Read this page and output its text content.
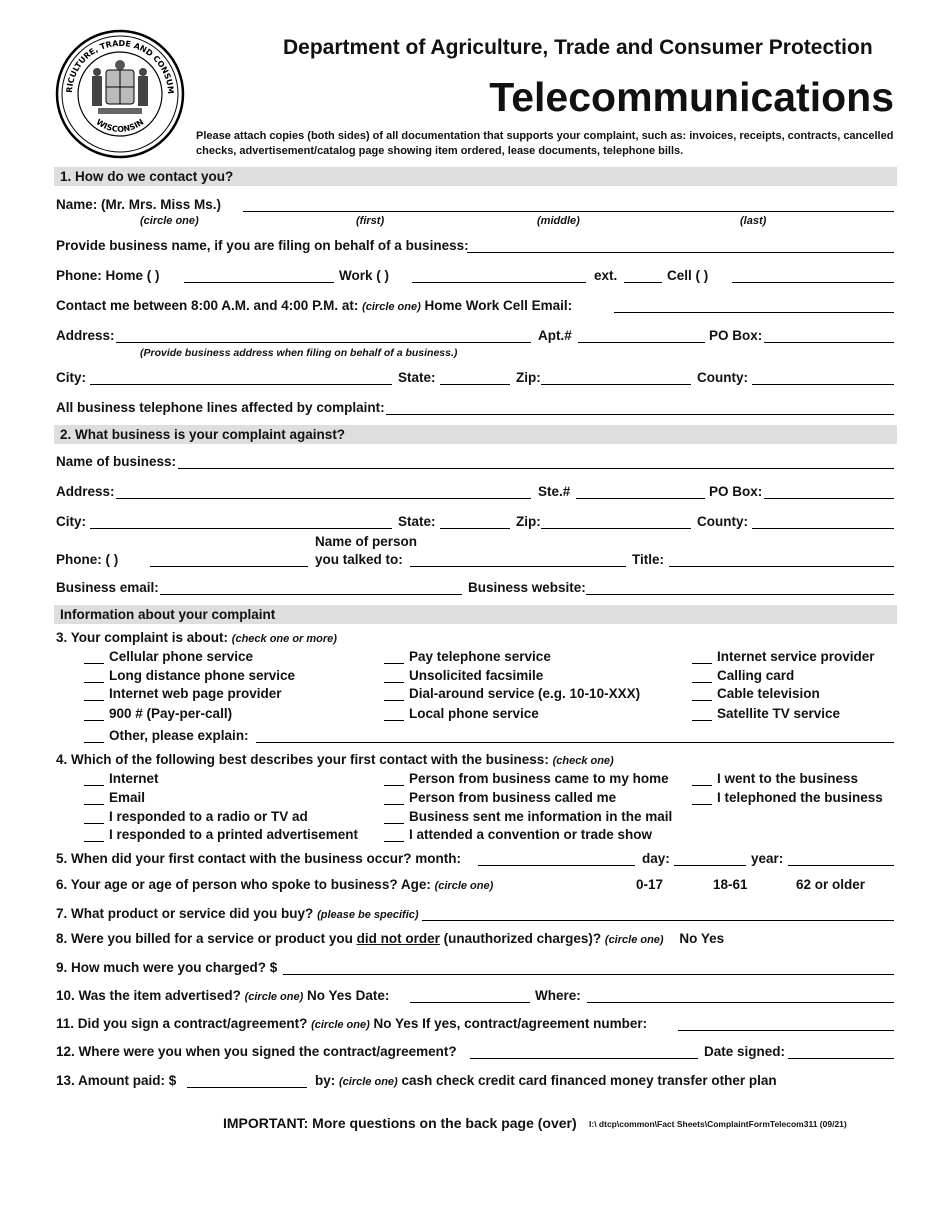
RICULTURE, TRADE AND CONSUM
WISCONSIN
Department of Agriculture, Trade and Consumer Protection
Telecommunications
Please attach copies (both sides) of all documentation that supports your complaint, such as: invoices, receipts, contracts, cancelled checks, advertisement/catalog page showing item ordered, lease documents, telephone bills.
1. How do we contact you?
Name: (Mr. Mrs. Miss Ms.)
(circle one)	(first)	(middle)	(last)
Provide business name, if you are filing on behalf of a business:
Phone: Home ( )	Work ( )	ext.	Cell ( )
Contact me between 8:00 A.M. and 4:00 P.M. at: (circle one) Home Work Cell Email:
Address:	Apt.#	PO Box:
(Provide business address when filing on behalf of a business.)
City:	State:	Zip:	County:
All business telephone lines affected by complaint:
2. What business is your complaint against?
Name of business:
Address:	Ste.#	PO Box:
City:	State:	Zip:	County:
Name of person
Phone: ( )	you talked to:	Title:
Business email:	Business website:
Information about your complaint
3. Your complaint is about: (check one or more)
Cellular phone service
Long distance phone service
Internet web page provider
900 # (Pay-per-call)
Pay telephone service
Unsolicited facsimile
Dial-around service (e.g. 10-10-XXX)
Local phone service
Internet service provider
Calling card
Cable television
Satellite TV service
Other, please explain:
4. Which of the following best describes your first contact with the business: (check one)
Internet
Email
I responded to a radio or TV ad
I responded to a printed advertisement
Person from business came to my home
Person from business called me
Business sent me information in the mail
I attended a convention or trade show
I went to the business
I telephoned the business
5. When did your first contact with the business occur? month:	day:	year:
6. Your age or age of person who spoke to business? Age: (circle one)	0-17	18-61	62 or older
7. What product or service did you buy? (please be specific)
8. Were you billed for a service or product you did not order (unauthorized charges)? (circle one) No Yes
9. How much were you charged? $
10. Was the item advertised? (circle one) No Yes Date:	Where:
11. Did you sign a contract/agreement? (circle one) No Yes If yes, contract/agreement number:
12. Where were you when you signed the contract/agreement?	Date signed:
13. Amount paid: $	by: (circle one) cash check credit card financed money transfer other plan
IMPORTANT: More questions on the back page (over) I:\ dtcp\common\Fact Sheets\ComplaintFormTelecom311 (09/21)
